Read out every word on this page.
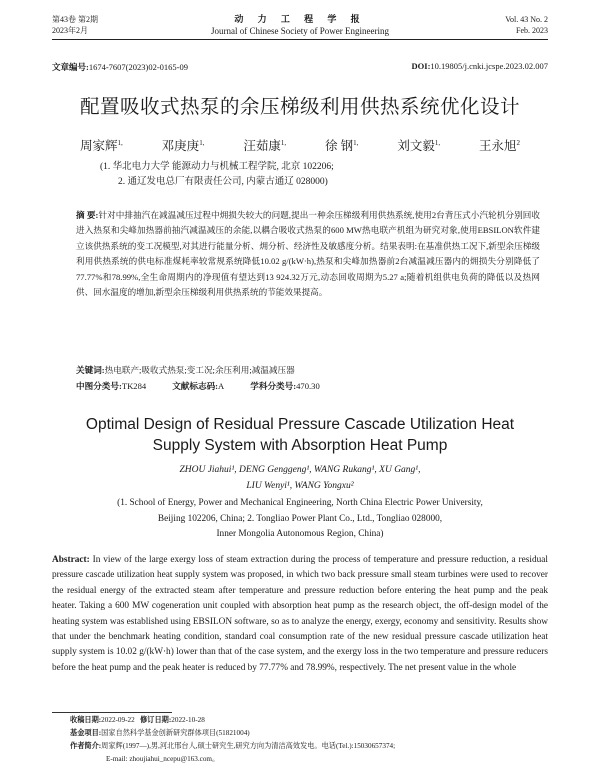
第43卷 第2期
2023年2月
动 力 工 程 学 报
Journal of Chinese Society of Power Engineering
Vol. 43 No. 2
Feb. 2023
文章编号:1674-7607(2023)02-0165-09	DOI:10.19805/j.cnki.jcspe.2023.02.007
配置吸收式热泵的余压梯级利用供热系统优化设计
周家辉$^{1,}$	邓庚庚$^{1,}$	汪茹康$^{1,}$	徐 钢$^{1,}$	刘文毅$^{1,}$	王永旭$^2$
(1. 华北电力大学 能源动力与机械工程学院, 北京 102206;
2. 通辽发电总厂有限责任公司, 内蒙古通辽 028000)
摘 要:针对中排抽汽在减温减压过程中㶲损失较大的问题,提出一种余压梯级利用供热系统,使用2台背压式小汽轮机分别回收进入热泵和尖峰加热器前抽汽减温减压的余能,以耦合吸收式热泵的600 MW热电联产机组为研究对象,使用EBSILON软件建立该供热系统的变工况模型,对其进行能量分析、㶲分析、经济性及敏感度分析。结果表明:在基准供热工况下,新型余压梯级利用供热系统的供电标准煤耗率较常规系统降低10.02 g/(kW·h),热泵和尖峰加热器前2台减温减压器内的㶲损失分别降低了77.77%和78.99%,全生命周期内的净现值有望达到13 924.32万元,动态回收周期为5.27 a;随着机组供电负荷的降低以及热网供、回水温度的增加,新型余压梯级利用供热系统的节能效果提高。
关键词:热电联产;吸收式热泵;变工况;余压利用;减温减压器
中图分类号:TK284	文献标志码:A	学科分类号:470.30
Optimal Design of Residual Pressure Cascade Utilization Heat
Supply System with Absorption Heat Pump
ZHOU Jiahui¹, DENG Genggeng¹, WANG Rukang¹, XU Gang¹,
LIU Wenyi¹, WANG Yongxu²
(1. School of Energy, Power and Mechanical Engineering, North China Electric Power University,
Beijing 102206, China; 2. Tongliao Power Plant Co., Ltd., Tongliao 028000,
Inner Mongolia Autonomous Region, China)
Abstract: In view of the large exergy loss of steam extraction during the process of temperature and pressure reduction, a residual pressure cascade utilization heat supply system was proposed, in which two back pressure small steam turbines were used to recover the residual energy of the extracted steam after temperature and pressure reduction before entering the heat pump and the peak heater. Taking a 600 MW cogeneration unit coupled with absorption heat pump as the research object, the off-design model of the heating system was established using EBSILON software, so as to analyze the energy, exergy, economy and sensitivity. Results show that under the benchmark heating condition, standard coal consumption rate of the new residual pressure cascade utilization heat supply system is 10.02 g/(kW·h) lower than that of the case system, and the exergy loss in the two temperature and pressure reducers before the heat pump and the peak heater is reduced by 77.77% and 78.99%, respectively. The net present value in the whole
收稿日期:2022-09-22 修订日期:2022-10-28
基金项目:国家自然科学基金创新研究群体项目(51821004)
作者简介:周家辉(1997—),男,河北邢台人,硕士研究生,研究方向为清洁高效发电。电话(Tel.):15030657374;
E-mail: zhoujiahui_ncepu@163.com。
